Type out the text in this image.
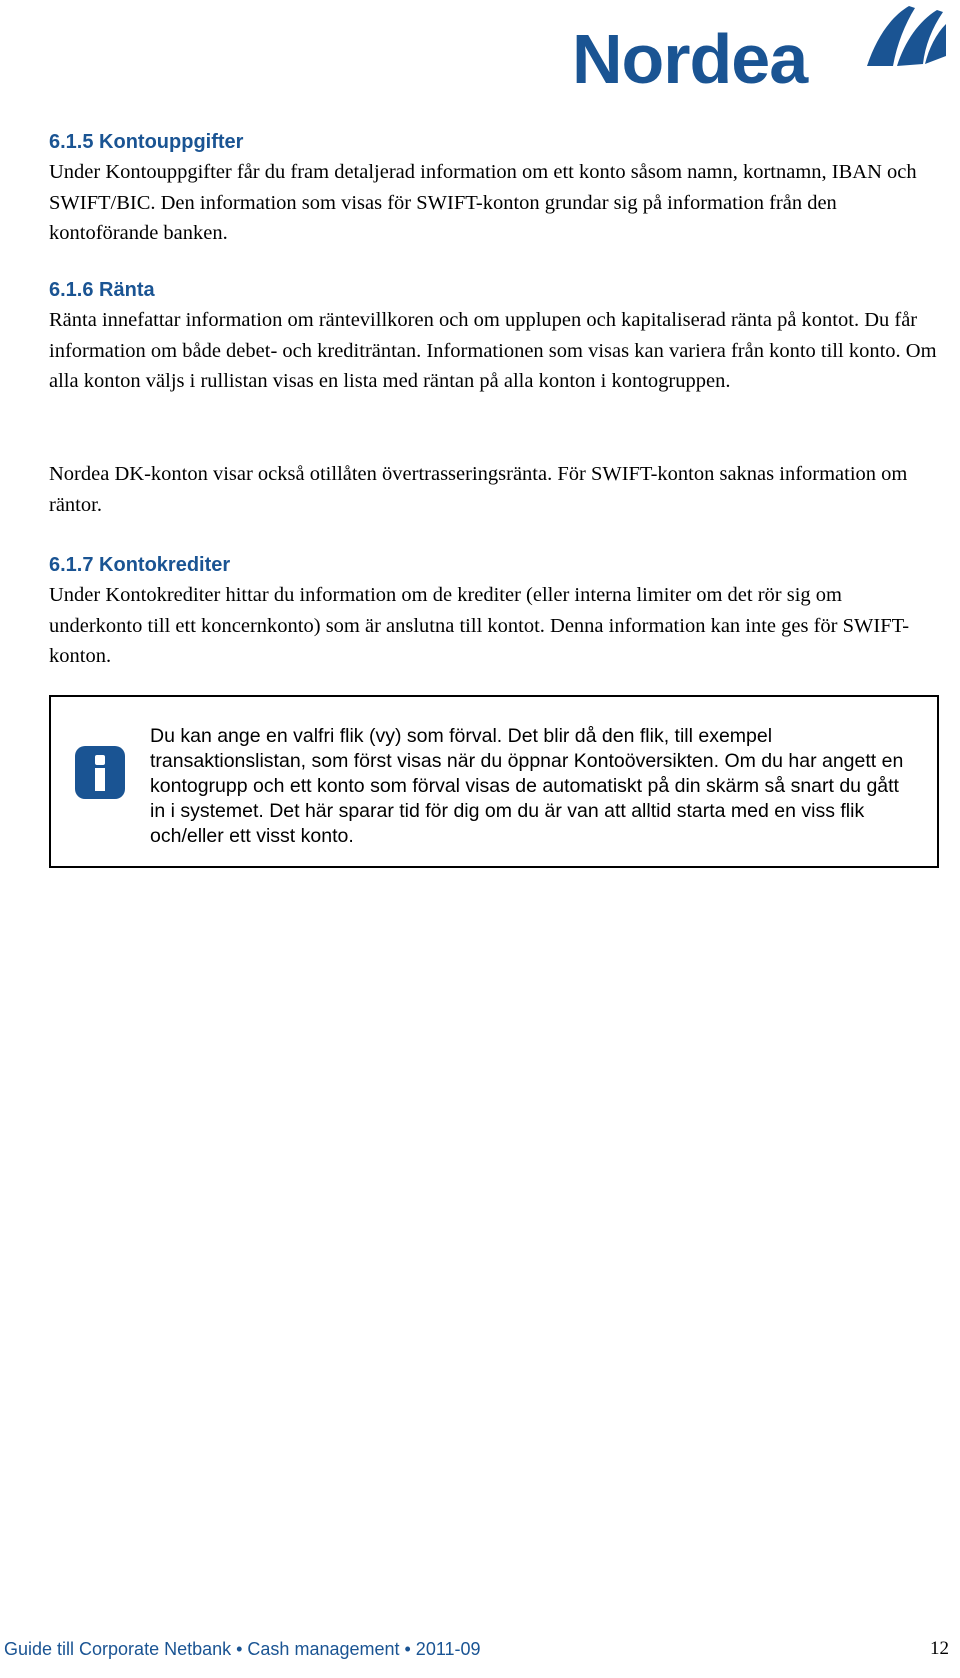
Nordea

6.1.5 Kontouppgifter

Under Kontouppgifter får du fram detaljerad information om ett konto såsom namn, kortnamn, IBAN och SWIFT/BIC. Den information som visas för SWIFT-konton grundar sig på information från den kontoförande banken.

6.1.6 Ränta

Ränta innefattar information om räntevillkoren och om upplupen och kapitaliserad ränta på kontot. Du får information om både debet- och krediträntan. Informationen som visas kan variera från konto till konto. Om alla konton väljs i rullistan visas en lista med räntan på alla konton i kontogruppen.

Nordea DK-konton visar också otillåten övertrasseringsränta. För SWIFT-konton saknas information om räntor.

6.1.7 Kontokrediter

Under Kontokrediter hittar du information om de krediter (eller interna limiter om det rör sig om underkonto till ett koncernkonto) som är anslutna till kontot. Denna information kan inte ges för SWIFT-konton.

Du kan ange en valfri flik (vy) som förval. Det blir då den flik, till exempel transaktionslistan, som först visas när du öppnar Kontoöversikten. Om du har angett en kontogrupp och ett konto som förval visas de automatiskt på din skärm så snart du gått in i systemet. Det här sparar tid för dig om du är van att alltid starta med en viss flik och/eller ett visst konto.

Guide till Corporate Netbank • Cash management • 2011-09	12
